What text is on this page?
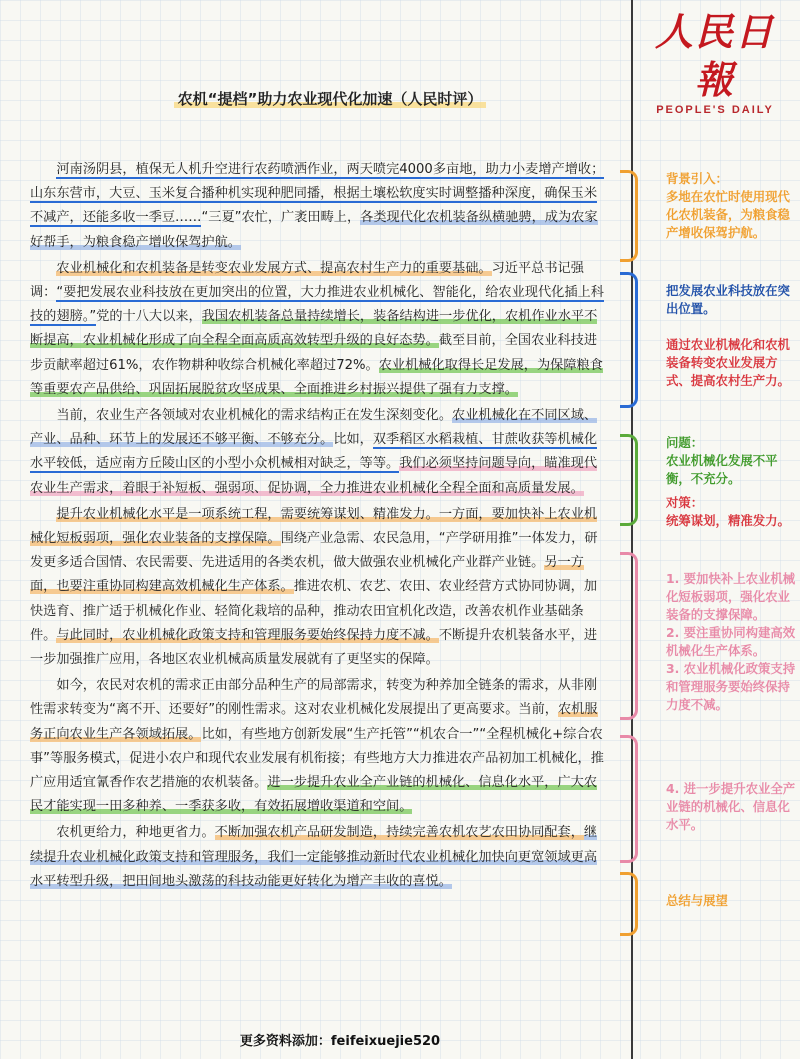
人民日報
PEOPLE'S DAILY
农机“提档”助力农业现代化加速（人民时评）

河南汤阴县，植保无人机升空进行农药喷洒作业，两天喷完4000多亩地，助力小麦增产增收；山东东营市，大豆、玉米复合播种机实现种肥同播，根据土壤松软度实时调整播种深度，确保玉米不减产，还能多收一季豆……“三夏”农忙，广袤田畴上，各类现代化农机装备纵横驰骋，成为农家好帮手，为粮食稳产增收保驾护航。

农业机械化和农机装备是转变农业发展方式、提高农村生产力的重要基础。习近平总书记强调：“要把发展农业科技放在更加突出的位置，大力推进农业机械化、智能化，给农业现代化插上科技的翅膀。”党的十八大以来，我国农机装备总量持续增长，装备结构进一步优化，农机作业水平不断提高，农业机械化形成了向全程全面高质高效转型升级的良好态势。截至目前，全国农业科技进步贡献率超过61%，农作物耕种收综合机械化率超过72%。农业机械化取得长足发展，为保障粮食等重要农产品供给、巩固拓展脱贫攻坚成果、全面推进乡村振兴提供了强有力支撑。

当前，农业生产各领域对农业机械化的需求结构正在发生深刻变化。农业机械化在不同区域、产业、品种、环节上的发展还不够平衡、不够充分。比如，双季稻区水稻栽植、甘蔗收获等机械化水平较低，适应南方丘陵山区的小型小众机械相对缺乏，等等。我们必须坚持问题导向，瞄准现代农业生产需求，着眼于补短板、强弱项、促协调，全力推进农业机械化全程全面和高质量发展。

提升农业机械化水平是一项系统工程，需要统筹谋划、精准发力。一方面，要加快补上农业机械化短板弱项，强化农业装备的支撑保障。围绕产业急需、农民急用，“产学研用推”一体发力，研发更多适合国情、农民需要、先进适用的各类农机，做大做强农业机械化产业群产业链。另一方面，也要注重协同构建高效机械化生产体系。推进农机、农艺、农田、农业经营方式协同协调，加快选育、推广适于机械化作业、轻简化栽培的品种，推动农田宜机化改造，改善农机作业基础条件。与此同时，农业机械化政策支持和管理服务要始终保持力度不减。不断提升农机装备水平，进一步加强推广应用，各地区农业机械高质量发展就有了更坚实的保障。

如今，农民对农机的需求正由部分品种生产的局部需求，转变为种养加全链条的需求，从非刚性需求转变为“离不开、还要好”的刚性需求。这对农业机械化发展提出了更高要求。当前，农机服务正向农业生产各领域拓展。比如，有些地方创新发展“生产托管”“机农合一”“全程机械化+综合农事”等服务模式，促进小农户和现代农业发展有机衔接；有些地方大力推进农产品初加工机械化，推广应用适宜氰香作农艺措施的农机装备。进一步提升农业全产业链的机械化、信息化水平，广大农民才能实现一田多种养、一季获多收，有效拓展增收渠道和空间。

农机更给力，种地更省力。不断加强农机产品研发制造，持续完善农机农艺农田协同配套，继续提升农业机械化政策支持和管理服务，我们一定能够推动新时代农业机械化加快向更宽领域更高水平转型升级，把田间地头激荡的科技动能更好转化为增产丰收的喜悦。

背景引入：
多地在农忙时使用现代化农机装备，为粮食稳产增收保驾护航。
把发展农业科技放在突出位置。
通过农业机械化和农机装备转变农业发展方式、提高农村生产力。
问题：
农业机械化发展不平衡，不充分。
对策：
统筹谋划，精准发力。
1. 要加快补上农业机械化短板弱项，强化农业装备的支撑保障。
2. 要注重协同构建高效机械化生产体系。
3. 农业机械化政策支持和管理服务要始终保持力度不减。
4. 进一步提升农业全产业链的机械化、信息化水平。
总结与展望
更多资料添加：feifeixuejie520
